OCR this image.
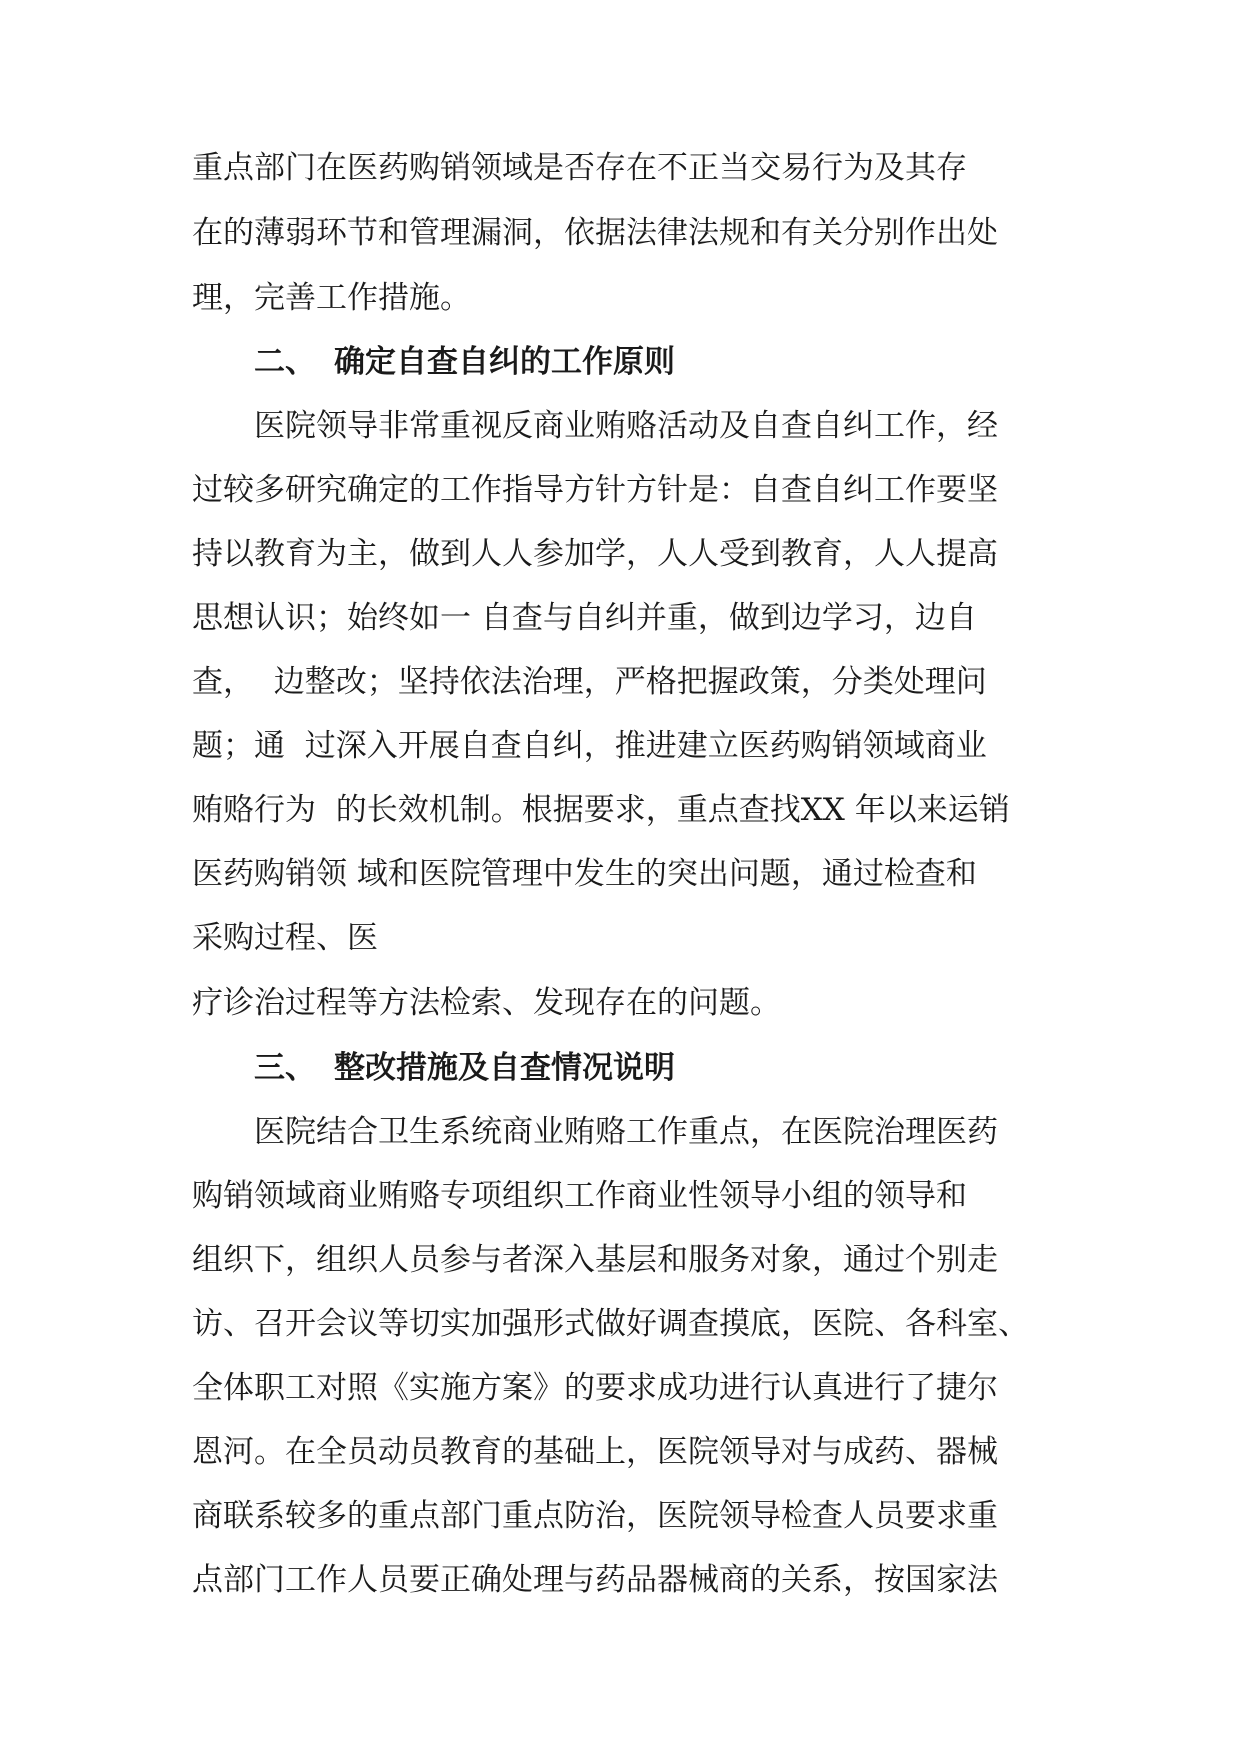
重点部门在医药购销领域是否存在不正当交易行为及其存

在的薄弱环节和管理漏洞，依据法律法规和有关分别作出处

理，完善工作措施。

二、 确定自查自纠的工作原则

　　医院领导非常重视反商业贿赂活动及自查自纠工作，经

过较多研究确定的工作指导方针方针是：自查自纠工作要坚

持以教育为主，做到人人参加学，人人受到教育，人人提高

思想认识；始终如一 自查与自纠并重，做到边学习，边自

查，  边整改；坚持依法治理，严格把握政策，分类处理问

题；通  过深入开展自查自纠，推进建立医药购销领域商业

贿赂行为  的长效机制。根据要求，重点查找XX 年以来运销

医药购销领 域和医院管理中发生的突出问题，通过检查和

采购过程、医

疗诊治过程等方法检索、发现存在的问题。

三、 整改措施及自查情况说明

　　医院结合卫生系统商业贿赂工作重点，在医院治理医药

购销领域商业贿赂专项组织工作商业性领导小组的领导和

组织下，组织人员参与者深入基层和服务对象，通过个别走

访、召开会议等切实加强形式做好调查摸底，医院、各科室、

全体职工对照《实施方案》的要求成功进行认真进行了捷尔

恩河。在全员动员教育的基础上，医院领导对与成药、器械

商联系较多的重点部门重点防治，医院领导检查人员要求重

点部门工作人员要正确处理与药品器械商的关系，按国家法
